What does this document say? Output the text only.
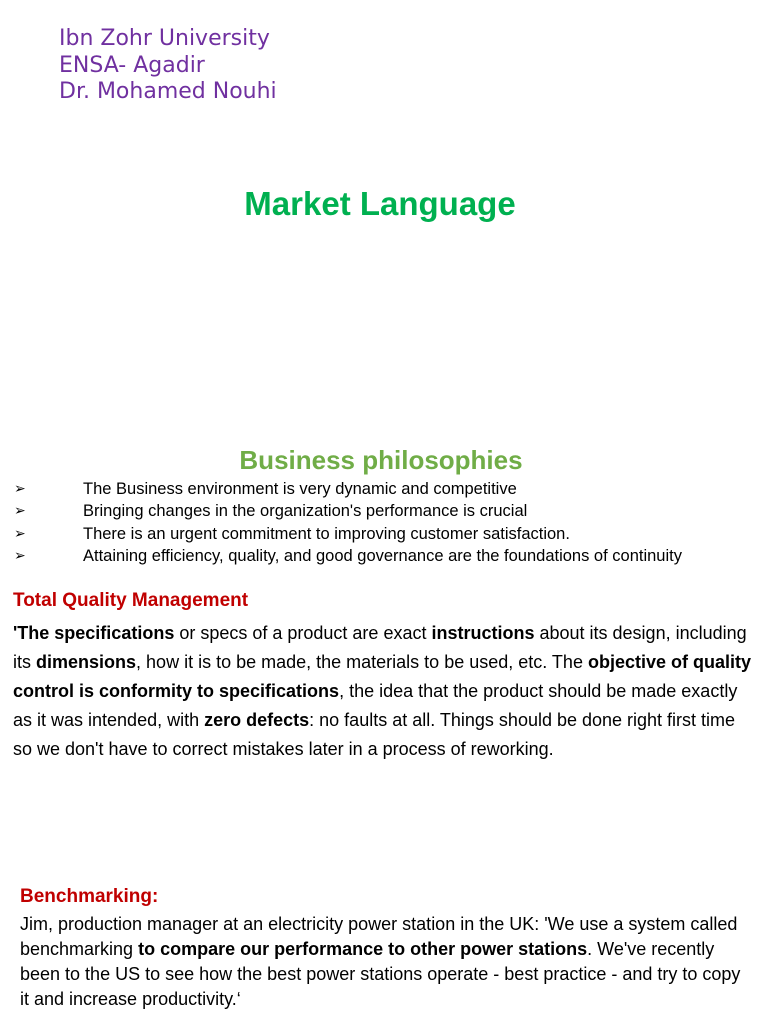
Ibn Zohr University
ENSA- Agadir
Dr. Mohamed Nouhi
Market Language
Business philosophies
➢	The Business environment is very dynamic and competitive
➢	Bringing changes in the organization's performance is crucial
➢	There is an urgent commitment to improving customer satisfaction.
➢	Attaining efficiency, quality, and good governance are the foundations of continuity
Total Quality Management

'The specifications or specs of a product are exact instructions about its design, including its dimensions, how it is to be made, the materials to be used, etc. The objective of quality control is conformity to specifications, the idea that the product should be made exactly as it was intended, with zero defects: no faults at all. Things should be done right first time so we don't have to correct mistakes later in a process of reworking.

Benchmarking:

Jim, production manager at an electricity power station in the UK: 'We use a system called benchmarking to compare our performance to other power stations. We've recently been to the US to see how the best power stations operate - best practice - and try to copy it and increase productivity.‘
